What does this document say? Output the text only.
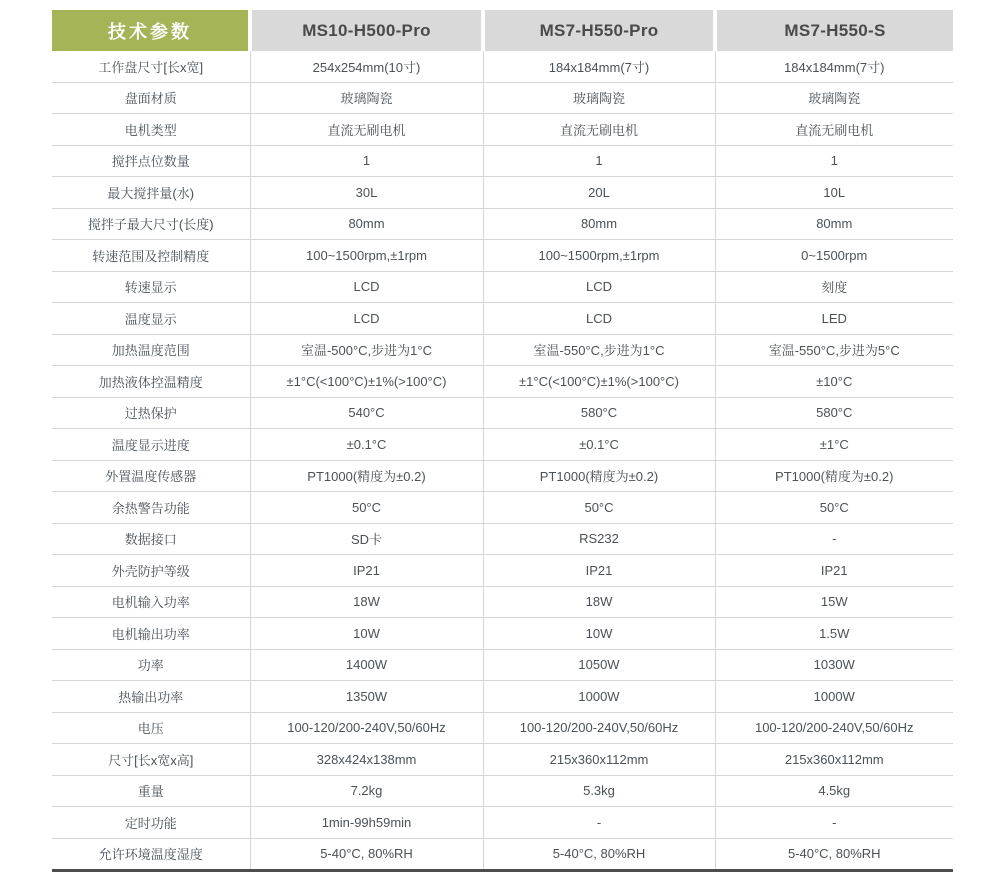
技术参数	MS10-H500-Pro	MS7-H550-Pro	MS7-H550-S
工作盘尺寸[长x宽]	254x254mm(10寸)	184x184mm(7寸)	184x184mm(7寸)
盘面材质	玻璃陶瓷	玻璃陶瓷	玻璃陶瓷
电机类型	直流无刷电机	直流无刷电机	直流无刷电机
搅拌点位数量	1	1	1
最大搅拌量(水)	30L	20L	10L
搅拌子最大尺寸(长度)	80mm	80mm	80mm
转速范围及控制精度	100~1500rpm,±1rpm	100~1500rpm,±1rpm	0~1500rpm
转速显示	LCD	LCD	刻度
温度显示	LCD	LCD	LED
加热温度范围	室温-500°C,步进为1°C	室温-550°C,步进为1°C	室温-550°C,步进为5°C
加热液体控温精度	±1°C(<100°C)±1%(>100°C)	±1°C(<100°C)±1%(>100°C)	±10°C
过热保护	540°C	580°C	580°C
温度显示进度	±0.1°C	±0.1°C	±1°C
外置温度传感器	PT1000(精度为±0.2)	PT1000(精度为±0.2)	PT1000(精度为±0.2)
余热警告功能	50°C	50°C	50°C
数据接口	SD卡	RS232	-
外壳防护等级	IP21	IP21	IP21
电机输入功率	18W	18W	15W
电机输出功率	10W	10W	1.5W
功率	1400W	1050W	1030W
热输出功率	1350W	1000W	1000W
电压	100-120/200-240V,50/60Hz	100-120/200-240V,50/60Hz	100-120/200-240V,50/60Hz
尺寸[长x宽x高]	328x424x138mm	215x360x112mm	215x360x112mm
重量	7.2kg	5.3kg	4.5kg
定时功能	1min-99h59min	-	-
允许环境温度湿度	5-40°C, 80%RH	5-40°C, 80%RH	5-40°C, 80%RH
